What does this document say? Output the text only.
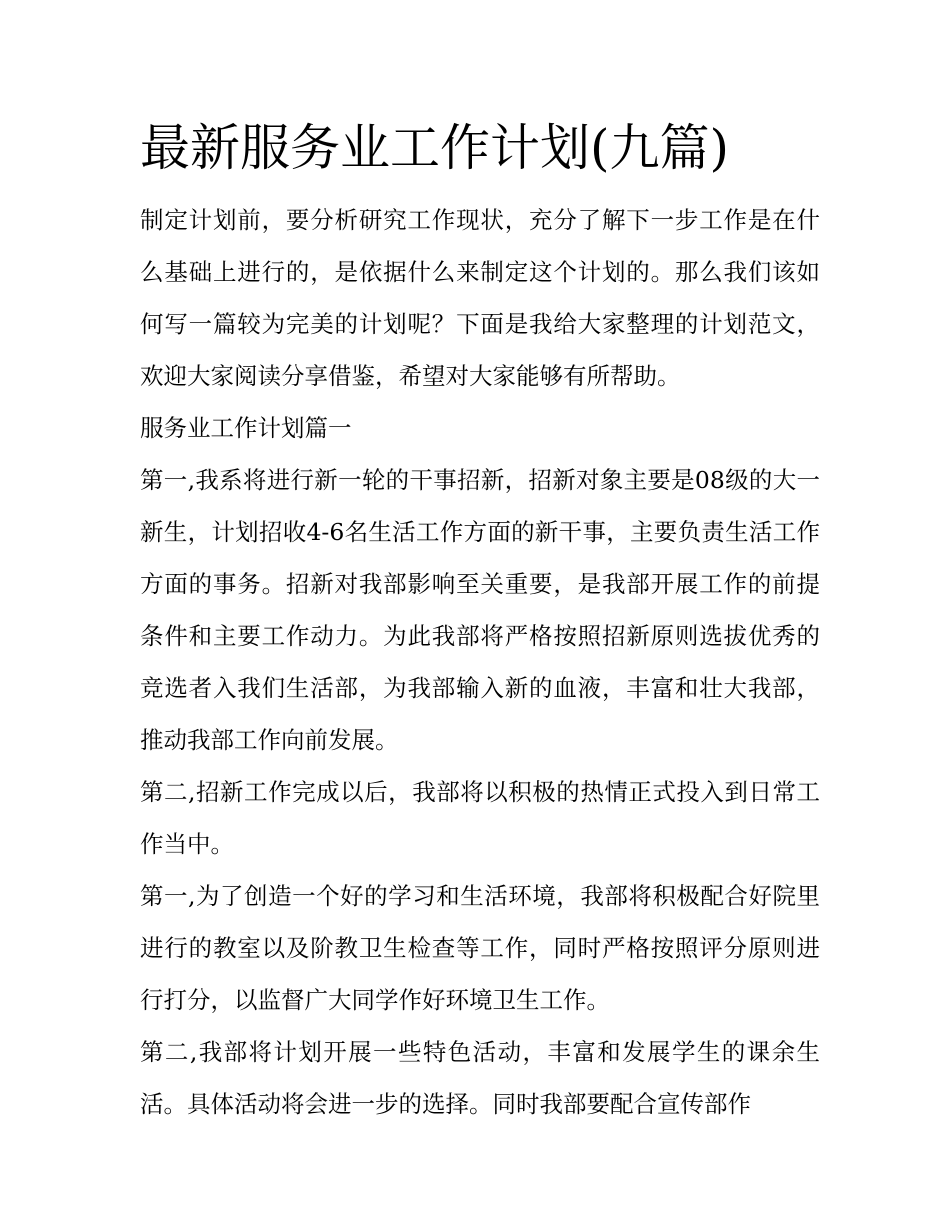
最新服务业工作计划(九篇)

制定计划前，要分析研究工作现状，充分了解下一步工作是在什么基础上进行的，是依据什么来制定这个计划的。那么我们该如何写一篇较为完美的计划呢？下面是我给大家整理的计划范文，欢迎大家阅读分享借鉴，希望对大家能够有所帮助。

服务业工作计划篇一

第一,我系将进行新一轮的干事招新，招新对象主要是08级的大一新生，计划招收4-6名生活工作方面的新干事，主要负责生活工作方面的事务。招新对我部影响至关重要，是我部开展工作的前提条件和主要工作动力。为此我部将严格按照招新原则选拔优秀的竞选者入我们生活部，为我部输入新的血液，丰富和壮大我部，推动我部工作向前发展。

第二,招新工作完成以后，我部将以积极的热情正式投入到日常工作当中。

第一,为了创造一个好的学习和生活环境，我部将积极配合好院里进行的教室以及阶教卫生检查等工作，同时严格按照评分原则进行打分，以监督广大同学作好环境卫生工作。

第二,我部将计划开展一些特色活动，丰富和发展学生的课余生活。具体活动将会进一步的选择。同时我部要配合宣传部作
